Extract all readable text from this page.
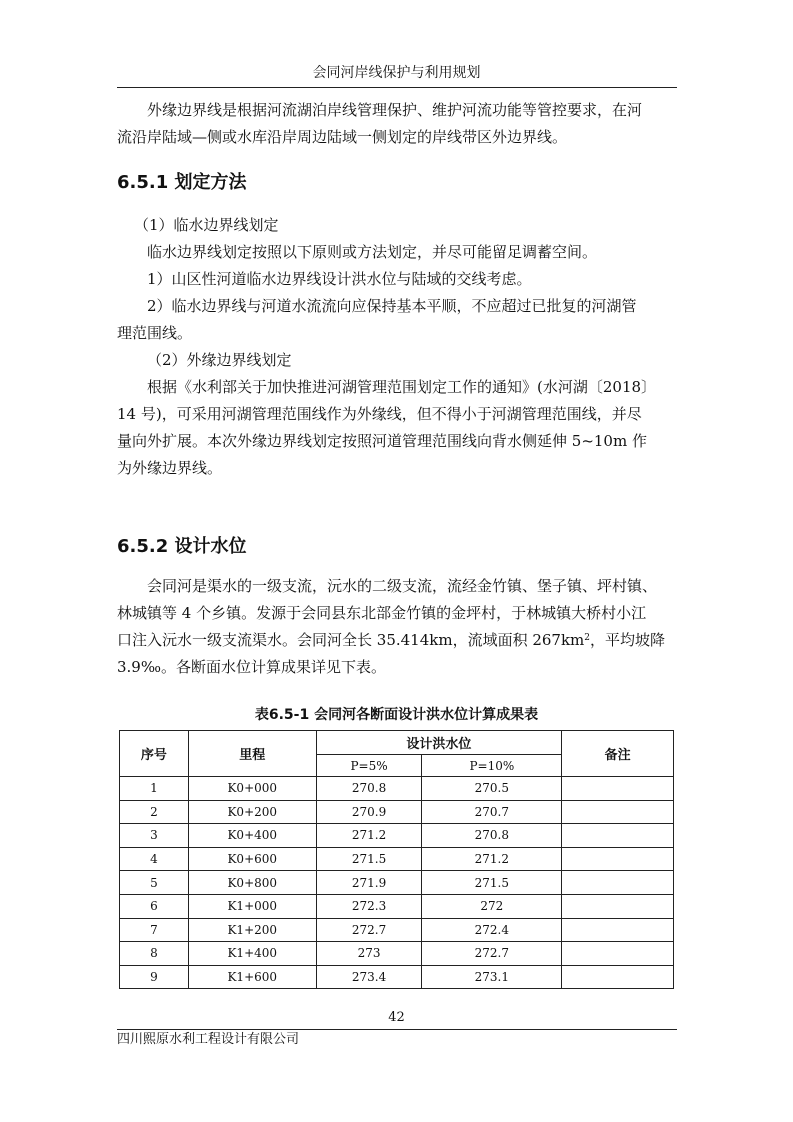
会同河岸线保护与利用规划
外缘边界线是根据河流湖泊岸线管理保护、维护河流功能等管控要求，在河
流沿岸陆域—侧或水库沿岸周边陆域一侧划定的岸线带区外边界线。
6.5.1 划定方法
（1）临水边界线划定
临水边界线划定按照以下原则或方法划定，并尽可能留足调蓄空间。
1）山区性河道临水边界线设计洪水位与陆域的交线考虑。
2）临水边界线与河道水流流向应保持基本平顺，不应超过已批复的河湖管
理范围线。
（2）外缘边界线划定
根据《水利部关于加快推进河湖管理范围划定工作的通知》(水河湖〔2018〕
14 号)，可采用河湖管理范围线作为外缘线，但不得小于河湖管理范围线，并尽
量向外扩展。本次外缘边界线划定按照河道管理范围线向背水侧延伸 5~10m 作
为外缘边界线。
6.5.2 设计水位
会同河是渠水的一级支流，沅水的二级支流，流经金竹镇、堡子镇、坪村镇、
林城镇等 4 个乡镇。发源于会同县东北部金竹镇的金坪村，于林城镇大桥村小江
口注入沅水一级支流渠水。会同河全长 35.414km，流域面积 $267km^2$，平均坡降
3.9‰。各断面水位计算成果详见下表。
表6.5-1 会同河各断面设计洪水位计算成果表
序号	里程	设计洪水位		备注
		P=5%	P=10%	
1	K0+000	270.8	270.5	
2	K0+200	270.9	270.7	
3	K0+400	271.2	270.8	
4	K0+600	271.5	271.2	
5	K0+800	271.9	271.5	
6	K1+000	272.3	272	
7	K1+200	272.7	272.4	
8	K1+400	273	272.7	
9	K1+600	273.4	273.1	
42
四川熙原水利工程设计有限公司
